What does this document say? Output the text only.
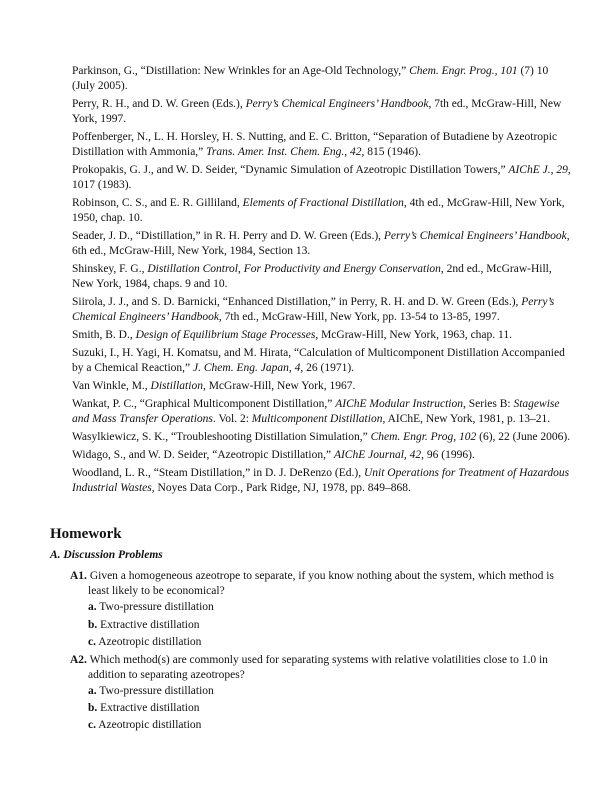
Parkinson, G., “Distillation: New Wrinkles for an Age-Old Technology,” Chem. Engr. Prog., 101 (7) 10 (July 2005).
Perry, R. H., and D. W. Green (Eds.), Perry’s Chemical Engineers’ Handbook, 7th ed., McGraw-Hill, New York, 1997.
Poffenberger, N., L. H. Horsley, H. S. Nutting, and E. C. Britton, “Separation of Butadiene by Azeotropic Distillation with Ammonia,” Trans. Amer. Inst. Chem. Eng., 42, 815 (1946).
Prokopakis, G. J., and W. D. Seider, “Dynamic Simulation of Azeotropic Distillation Towers,” AIChE J., 29, 1017 (1983).
Robinson, C. S., and E. R. Gilliland, Elements of Fractional Distillation, 4th ed., McGraw-Hill, New York, 1950, chap. 10.
Seader, J. D., “Distillation,” in R. H. Perry and D. W. Green (Eds.), Perry’s Chemical Engineers’ Handbook, 6th ed., McGraw-Hill, New York, 1984, Section 13.
Shinskey, F. G., Distillation Control, For Productivity and Energy Conservation, 2nd ed., McGraw-Hill, New York, 1984, chaps. 9 and 10.
Siirola, J. J., and S. D. Barnicki, “Enhanced Distillation,” in Perry, R. H. and D. W. Green (Eds.), Perry’s Chemical Engineers’ Handbook, 7th ed., McGraw-Hill, New York, pp. 13-54 to 13-85, 1997.
Smith, B. D., Design of Equilibrium Stage Processes, McGraw-Hill, New York, 1963, chap. 11.
Suzuki, I., H. Yagi, H. Komatsu, and M. Hirata, “Calculation of Multicomponent Distillation Accompanied by a Chemical Reaction,” J. Chem. Eng. Japan, 4, 26 (1971).
Van Winkle, M., Distillation, McGraw-Hill, New York, 1967.
Wankat, P. C., “Graphical Multicomponent Distillation,” AIChE Modular Instruction, Series B: Stagewise and Mass Transfer Operations. Vol. 2: Multicomponent Distillation, AIChE, New York, 1981, p. 13–21.
Wasylkiewicz, S. K., “Troubleshooting Distillation Simulation,” Chem. Engr. Prog, 102 (6), 22 (June 2006).
Widago, S., and W. D. Seider, “Azeotropic Distillation,” AIChE Journal, 42, 96 (1996).
Woodland, L. R., “Steam Distillation,” in D. J. DeRenzo (Ed.), Unit Operations for Treatment of Hazardous Industrial Wastes, Noyes Data Corp., Park Ridge, NJ, 1978, pp. 849–868.
Homework
A. Discussion Problems
A1. Given a homogeneous azeotrope to separate, if you know nothing about the system, which method is least likely to be economical?
a. Two-pressure distillation
b. Extractive distillation
c. Azeotropic distillation
A2. Which method(s) are commonly used for separating systems with relative volatilities close to 1.0 in addition to separating azeotropes?
a. Two-pressure distillation
b. Extractive distillation
c. Azeotropic distillation
